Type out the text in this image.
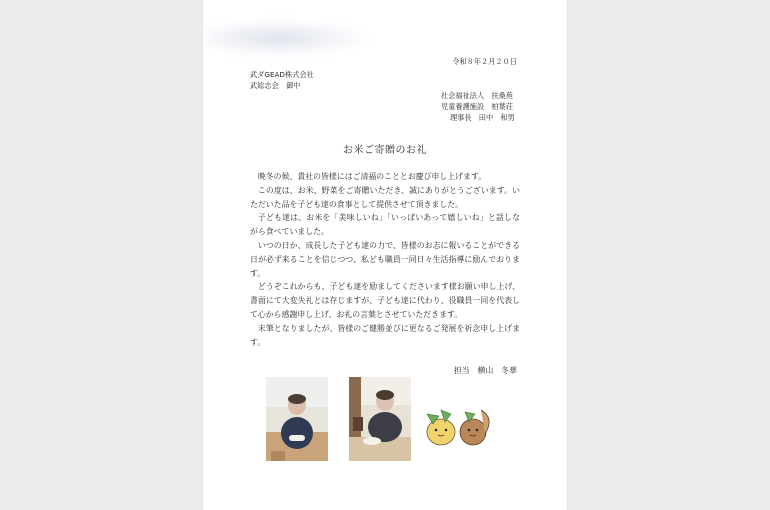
令和８年２月２０日
武ダGEAD株式会社
武総志会　御中
社会福祉法人　扶桑苑
児童養護施設　柏葉荘
理事長　田中　和男
お米ご寄贈のお礼

晩冬の候、貴社の皆様にはご清福のこととお慶び申し上げます。

この度は、お米、野菜をご寄贈いただき、誠にありがとうございます。いただいた品を子ども達の食事として提供させて頂きました。

子ども達は、お米を「美味しいね」「いっぱいあって嬉しいね」と話しながら食べていました。

いつの日か、成長した子ども達の力で、皆様のお志に報いることができる日が必ず来ることを信じつつ、私ども職員一同日々生活指導に励んでおります。

どうぞこれからも、子ども達を励ましてくださいます様お願い申し上げ、書面にて大変失礼とは存じますが、子ども達に代わり、役職員一同を代表して心から感謝申し上げ、お礼の言葉とさせていただきます。

末筆となりましたが、皆様のご健勝並びに更なるご発展を祈念申し上げます。

担当　横山　冬華
